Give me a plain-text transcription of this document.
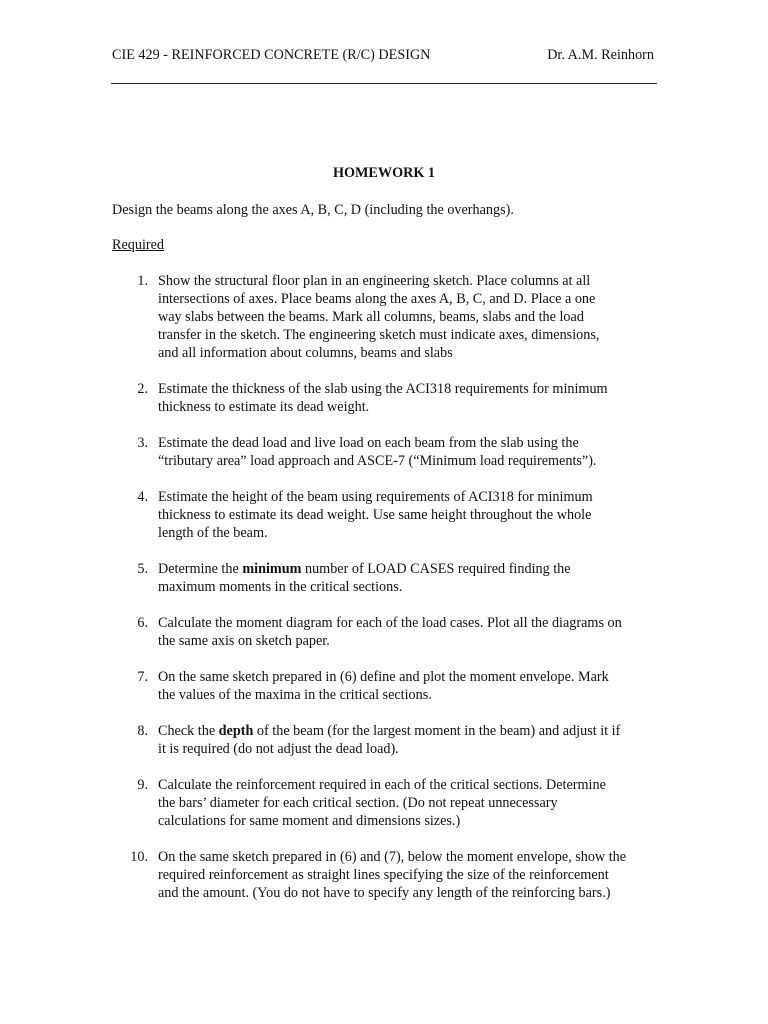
CIE 429 - REINFORCED CONCRETE (R/C) DESIGN	Dr. A.M. Reinhorn
HOMEWORK 1
Design the beams along the axes A, B, C, D (including the overhangs).
Required
1. Show the structural floor plan in an engineering sketch. Place columns at all
intersections of axes. Place beams along the axes A, B, C, and D. Place a one
way slabs between the beams. Mark all columns, beams, slabs and the load
transfer in the sketch. The engineering sketch must indicate axes, dimensions,
and all information about columns, beams and slabs
2. Estimate the thickness of the slab using the ACI318 requirements for minimum
thickness to estimate its dead weight.
3. Estimate the dead load and live load on each beam from the slab using the
“tributary area” load approach and ASCE-7 (“Minimum load requirements”).
4. Estimate the height of the beam using requirements of ACI318 for minimum
thickness to estimate its dead weight. Use same height throughout the whole
length of the beam.
5. Determine the minimum number of LOAD CASES required finding the
maximum moments in the critical sections.
6. Calculate the moment diagram for each of the load cases. Plot all the diagrams on
the same axis on sketch paper.
7. On the same sketch prepared in (6) define and plot the moment envelope. Mark
the values of the maxima in the critical sections.
8. Check the depth of the beam (for the largest moment in the beam) and adjust it if
it is required (do not adjust the dead load).
9. Calculate the reinforcement required in each of the critical sections. Determine
the bars’ diameter for each critical section. (Do not repeat unnecessary
calculations for same moment and dimensions sizes.)
10. On the same sketch prepared in (6) and (7), below the moment envelope, show the
required reinforcement as straight lines specifying the size of the reinforcement
and the amount. (You do not have to specify any length of the reinforcing bars.)
